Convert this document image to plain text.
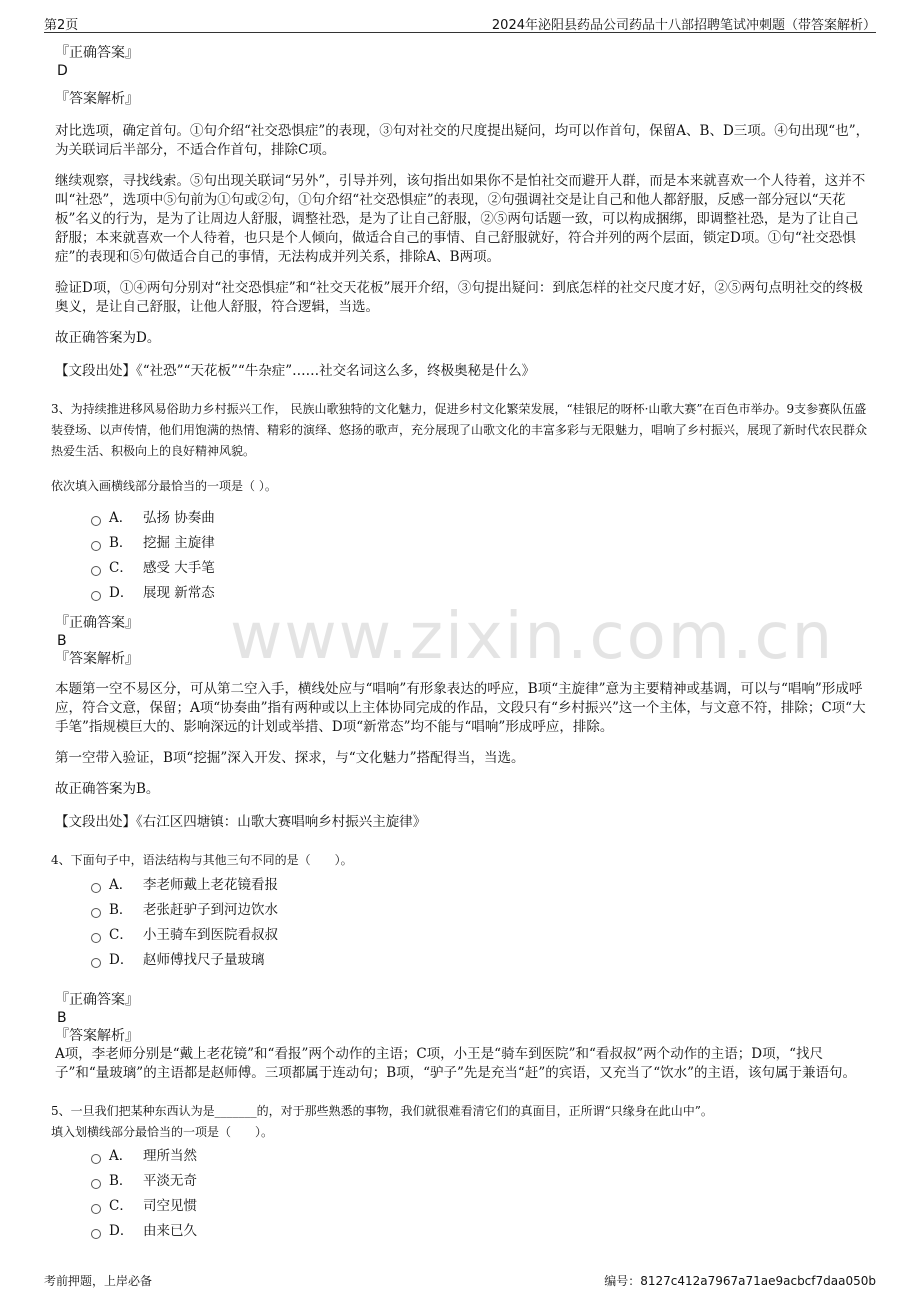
第2页	2024年泌阳县药品公司药品十八部招聘笔试冲刺题（带答案解析）
www.zixin.com.cn

『正确答案』

D

『答案解析』

对比选项，确定首句。①句介绍“社交恐惧症”的表现，③句对社交的尺度提出疑问，均可以作首句，保留A、B、D三项。④句出现“也”，为关联词后半部分，不适合作首句，排除C项。

继续观察，寻找线索。⑤句出现关联词“另外”，引导并列，该句指出如果你不是怕社交而避开人群，而是本来就喜欢一个人待着，这并不叫“社恐”，选项中⑤句前为①句或②句，①句介绍“社交恐惧症”的表现，②句强调社交是让自己和他人都舒服，反感一部分冠以“天花板”名义的行为，是为了让周边人舒服，调整社恐，是为了让自己舒服，②⑤两句话题一致，可以构成捆绑，即调整社恐，是为了让自己舒服；本来就喜欢一个人待着，也只是个人倾向，做适合自己的事情、自己舒服就好，符合并列的两个层面，锁定D项。①句“社交恐惧症”的表现和⑤句做适合自己的事情，无法构成并列关系，排除A、B两项。

验证D项，①④两句分别对“社交恐惧症”和“社交天花板”展开介绍，③句提出疑问：到底怎样的社交尺度才好，②⑤两句点明社交的终极奥义，是让自己舒服，让他人舒服，符合逻辑，当选。

故正确答案为D。

【文段出处】《“社恐”“天花板”“牛杂症”……社交名词这么多，终极奥秘是什么》

3、为持续推进移风易俗助力乡村振兴工作， 民族山歌独特的文化魅力，促进乡村文化繁荣发展，“桂银尼的呀杯·山歌大赛”在百色市举办。9支参赛队伍盛装登场、以声传情，他们用饱满的热情、精彩的演绎、悠扬的歌声，充分展现了山歌文化的丰富多彩与无限魅力，唱响了乡村振兴，展现了新时代农民群众热爱生活、积极向上的良好精神风貌。

依次填入画横线部分最恰当的一项是（ ）。

A． 弘扬 协奏曲
B． 挖掘 主旋律
C． 感受 大手笔
D． 展现 新常态

『正确答案』

B

『答案解析』

本题第一空不易区分，可从第二空入手，横线处应与“唱响”有形象表达的呼应，B项“主旋律”意为主要精神或基调，可以与“唱响”形成呼应，符合文意，保留；A项“协奏曲”指有两种或以上主体协同完成的作品，文段只有“乡村振兴”这一个主体，与文意不符，排除；C项“大手笔”指规模巨大的、影响深远的计划或举措、D项“新常态”均不能与“唱响”形成呼应，排除。

第一空带入验证，B项“挖掘”深入开发、探求，与“文化魅力”搭配得当，当选。

故正确答案为B。

【文段出处】《右江区四塘镇：山歌大赛唱响乡村振兴主旋律》

4、下面句子中，语法结构与其他三句不同的是（　　）。

A． 李老师戴上老花镜看报
B． 老张赶驴子到河边饮水
C． 小王骑车到医院看叔叔
D． 赵师傅找尺子量玻璃

『正确答案』

B

『答案解析』

A项，李老师分别是“戴上老花镜”和“看报”两个动作的主语；C项，小王是“骑车到医院”和“看叔叔”两个动作的主语；D项，“找尺子”和“量玻璃”的主语都是赵师傅。三项都属于连动句；B项，“驴子”先是充当“赶”的宾语，又充当了“饮水”的主语，该句属于兼语句。

5、一旦我们把某种东西认为是_______的，对于那些熟悉的事物，我们就很难看清它们的真面目，正所谓“只缘身在此山中”。

填入划横线部分最恰当的一项是（　　）。

A． 理所当然
B． 平淡无奇
C． 司空见惯
D． 由来已久
考前押题，上岸必备	编号：8127c412a7967a71ae9acbcf7daa050b
